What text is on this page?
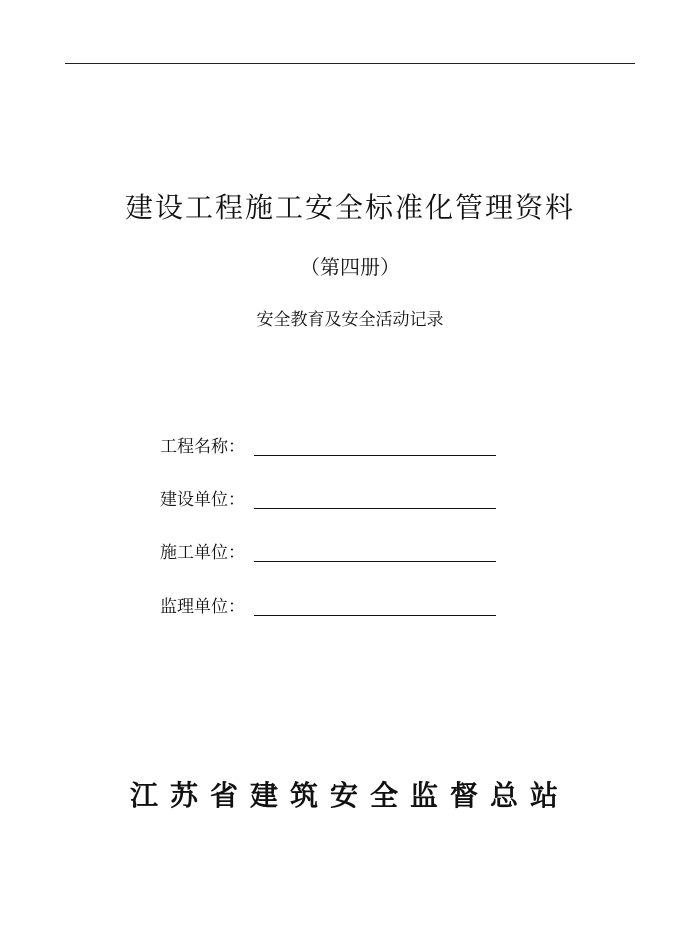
建设工程施工安全标准化管理资料
（第四册）
安全教育及安全活动记录
工程名称：
建设单位：
施工单位：
监理单位：
江苏省建筑安全监督总站
